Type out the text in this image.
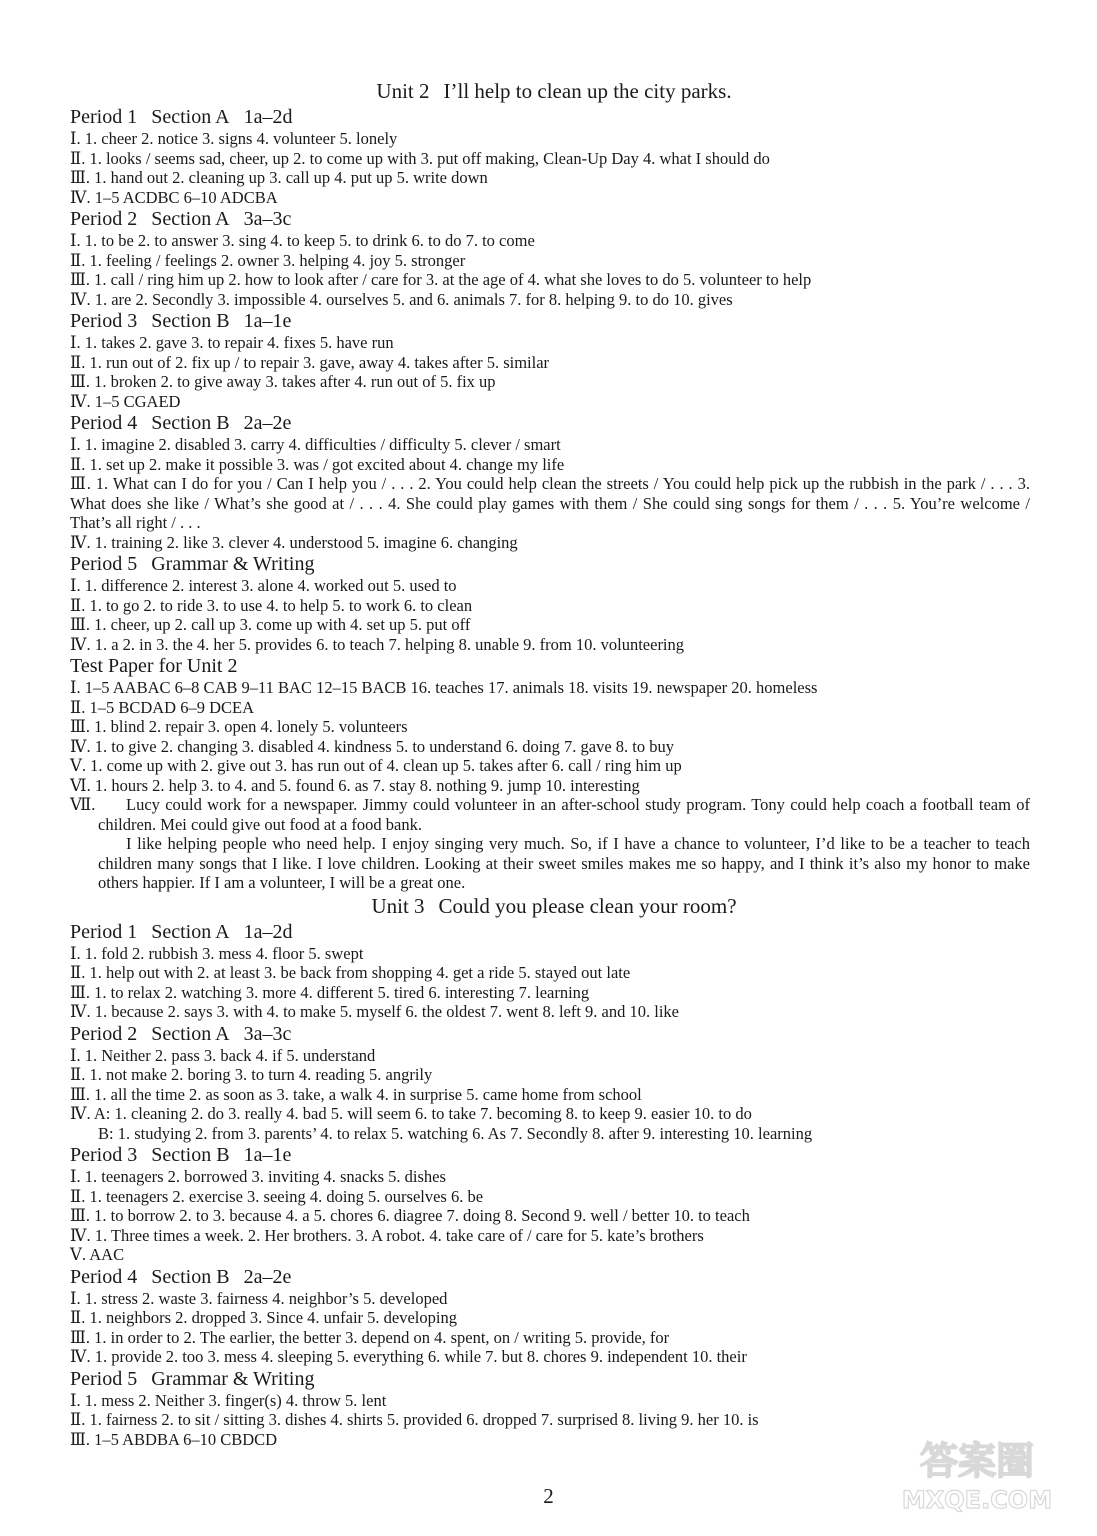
Unit 2 I’ll help to clean up the city parks.
Period 1 Section A 1a–2d
Ⅰ. 1. cheer 2. notice 3. signs 4. volunteer 5. lonely
Ⅱ. 1. looks / seems sad, cheer, up 2. to come up with 3. put off making, Clean-Up Day 4. what I should do
Ⅲ. 1. hand out 2. cleaning up 3. call up 4. put up 5. write down
Ⅳ. 1–5 ACDBC 6–10 ADCBA
Period 2 Section A 3a–3c
Ⅰ. 1. to be 2. to answer 3. sing 4. to keep 5. to drink 6. to do 7. to come
Ⅱ. 1. feeling / feelings 2. owner 3. helping 4. joy 5. stronger
Ⅲ. 1. call / ring him up 2. how to look after / care for 3. at the age of 4. what she loves to do 5. volunteer to help
Ⅳ. 1. are 2. Secondly 3. impossible 4. ourselves 5. and 6. animals 7. for 8. helping 9. to do 10. gives
Period 3 Section B 1a–1e
Ⅰ. 1. takes 2. gave 3. to repair 4. fixes 5. have run
Ⅱ. 1. run out of 2. fix up / to repair 3. gave, away 4. takes after 5. similar
Ⅲ. 1. broken 2. to give away 3. takes after 4. run out of 5. fix up
Ⅳ. 1–5 CGAED
Period 4 Section B 2a–2e
Ⅰ. 1. imagine 2. disabled 3. carry 4. difficulties / difficulty 5. clever / smart
Ⅱ. 1. set up 2. make it possible 3. was / got excited about 4. change my life
Ⅲ. 1. What can I do for you / Can I help you / . . . 2. You could help clean the streets / You could help pick up the rubbish in the park / . . . 3. What does she like / What’s she good at / . . . 4. She could play games with them / She could sing songs for them / . . . 5. You’re welcome / That’s all right / . . .
Ⅳ. 1. training 2. like 3. clever 4. understood 5. imagine 6. changing
Period 5 Grammar & Writing
Ⅰ. 1. difference 2. interest 3. alone 4. worked out 5. used to
Ⅱ. 1. to go 2. to ride 3. to use 4. to help 5. to work 6. to clean
Ⅲ. 1. cheer, up 2. call up 3. come up with 4. set up 5. put off
Ⅳ. 1. a 2. in 3. the 4. her 5. provides 6. to teach 7. helping 8. unable 9. from 10. volunteering
Test Paper for Unit 2
Ⅰ. 1–5 AABAC 6–8 CAB 9–11 BAC 12–15 BACB 16. teaches 17. animals 18. visits 19. newspaper 20. homeless
Ⅱ. 1–5 BCDAD 6–9 DCEA
Ⅲ. 1. blind 2. repair 3. open 4. lonely 5. volunteers
Ⅳ. 1. to give 2. changing 3. disabled 4. kindness 5. to understand 6. doing 7. gave 8. to buy
Ⅴ. 1. come up with 2. give out 3. has run out of 4. clean up 5. takes after 6. call / ring him up
Ⅵ. 1. hours 2. help 3. to 4. and 5. found 6. as 7. stay 8. nothing 9. jump 10. interesting
Ⅶ.	Lucy could work for a newspaper. Jimmy could volunteer in an after-school study program. Tony could help coach a football team of children. Mei could give out food at a food bank.
I like helping people who need help. I enjoy singing very much. So, if I have a chance to volunteer, I’d like to be a teacher to teach children many songs that I like. I love children. Looking at their sweet smiles makes me so happy, and I think it’s also my honor to make others happier. If I am a volunteer, I will be a great one.
Unit 3 Could you please clean your room?
Period 1 Section A 1a–2d
Ⅰ. 1. fold 2. rubbish 3. mess 4. floor 5. swept
Ⅱ. 1. help out with 2. at least 3. be back from shopping 4. get a ride 5. stayed out late
Ⅲ. 1. to relax 2. watching 3. more 4. different 5. tired 6. interesting 7. learning
Ⅳ. 1. because 2. says 3. with 4. to make 5. myself 6. the oldest 7. went 8. left 9. and 10. like
Period 2 Section A 3a–3c
Ⅰ. 1. Neither 2. pass 3. back 4. if 5. understand
Ⅱ. 1. not make 2. boring 3. to turn 4. reading 5. angrily
Ⅲ. 1. all the time 2. as soon as 3. take, a walk 4. in surprise 5. came home from school
Ⅳ. A: 1. cleaning 2. do 3. really 4. bad 5. will seem 6. to take 7. becoming 8. to keep 9. easier 10. to do
B: 1. studying 2. from 3. parents’ 4. to relax 5. watching 6. As 7. Secondly 8. after 9. interesting 10. learning
Period 3 Section B 1a–1e
Ⅰ. 1. teenagers 2. borrowed 3. inviting 4. snacks 5. dishes
Ⅱ. 1. teenagers 2. exercise 3. seeing 4. doing 5. ourselves 6. be
Ⅲ. 1. to borrow 2. to 3. because 4. a 5. chores 6. diagree 7. doing 8. Second 9. well / better 10. to teach
Ⅳ. 1. Three times a week. 2. Her brothers. 3. A robot. 4. take care of / care for 5. kate’s brothers
Ⅴ. AAC
Period 4 Section B 2a–2e
Ⅰ. 1. stress 2. waste 3. fairness 4. neighbor’s 5. developed
Ⅱ. 1. neighbors 2. dropped 3. Since 4. unfair 5. developing
Ⅲ. 1. in order to 2. The earlier, the better 3. depend on 4. spent, on / writing 5. provide, for
Ⅳ. 1. provide 2. too 3. mess 4. sleeping 5. everything 6. while 7. but 8. chores 9. independent 10. their
Period 5 Grammar & Writing
Ⅰ. 1. mess 2. Neither 3. finger(s) 4. throw 5. lent
Ⅱ. 1. fairness 2. to sit / sitting 3. dishes 4. shirts 5. provided 6. dropped 7. surprised 8. living 9. her 10. is
Ⅲ. 1–5 ABDBA 6–10 CBDCD
2
答案圈
MXQE.COM
